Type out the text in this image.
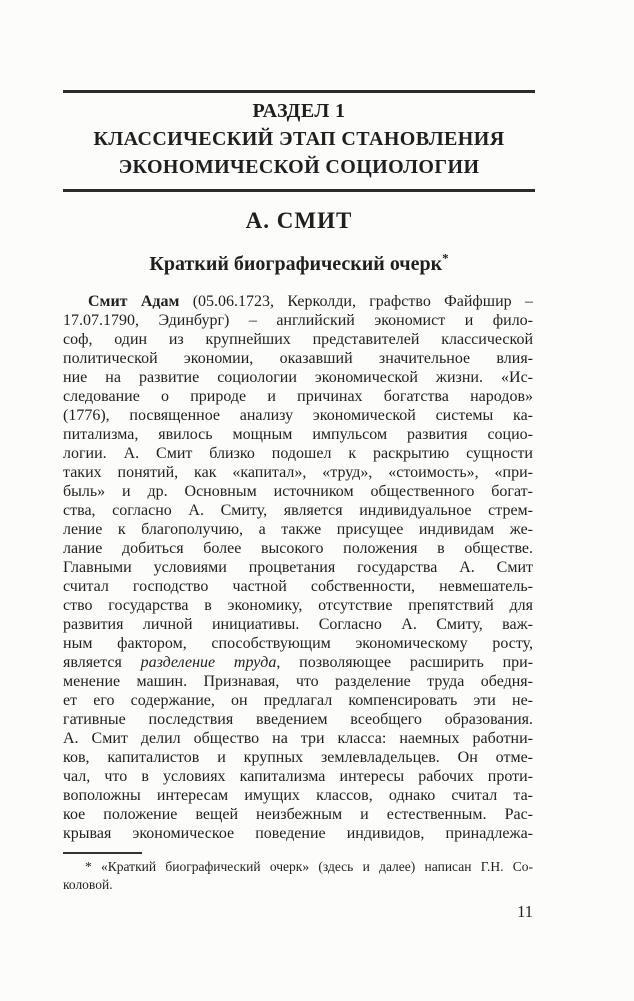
РАЗДЕЛ 1
КЛАССИЧЕСКИЙ ЭТАП СТАНОВЛЕНИЯ
ЭКОНОМИЧЕСКОЙ СОЦИОЛОГИИ
А. СМИТ
Краткий биографический очерк*
Смит Адам (05.06.1723, Керколди, графство Файфшир –
17.07.1790, Эдинбург) – английский экономист и фило-
соф, один из крупнейших представителей классической
политической экономии, оказавший значительное влия-
ние на развитие социологии экономической жизни. «Ис-
следование о природе и причинах богатства народов»
(1776), посвященное анализу экономической системы ка-
питализма, явилось мощным импульсом развития социо-
логии. А. Смит близко подошел к раскрытию сущности
таких понятий, как «капитал», «труд», «стоимость», «при-
быль» и др. Основным источником общественного богат-
ства, согласно А. Смиту, является индивидуальное стрем-
ление к благополучию, а также присущее индивидам же-
лание добиться более высокого положения в обществе.
Главными условиями процветания государства А. Смит
считал господство частной собственности, невмешатель-
ство государства в экономику, отсутствие препятствий для
развития личной инициативы. Согласно А. Смиту, важ-
ным фактором, способствующим экономическому росту,
является разделение труда, позволяющее расширить при-
менение машин. Признавая, что разделение труда обедня-
ет его содержание, он предлагал компенсировать эти не-
гативные последствия введением всеобщего образования.
А. Смит делил общество на три класса: наемных работни-
ков, капиталистов и крупных землевладельцев. Он отме-
чал, что в условиях капитализма интересы рабочих проти-
воположны интересам имущих классов, однако считал та-
кое положение вещей неизбежным и естественным. Рас-
крывая экономическое поведение индивидов, принадлежа-
* «Краткий биографический очерк» (здесь и далее) написан Г.Н. Со-
коловой.
11
